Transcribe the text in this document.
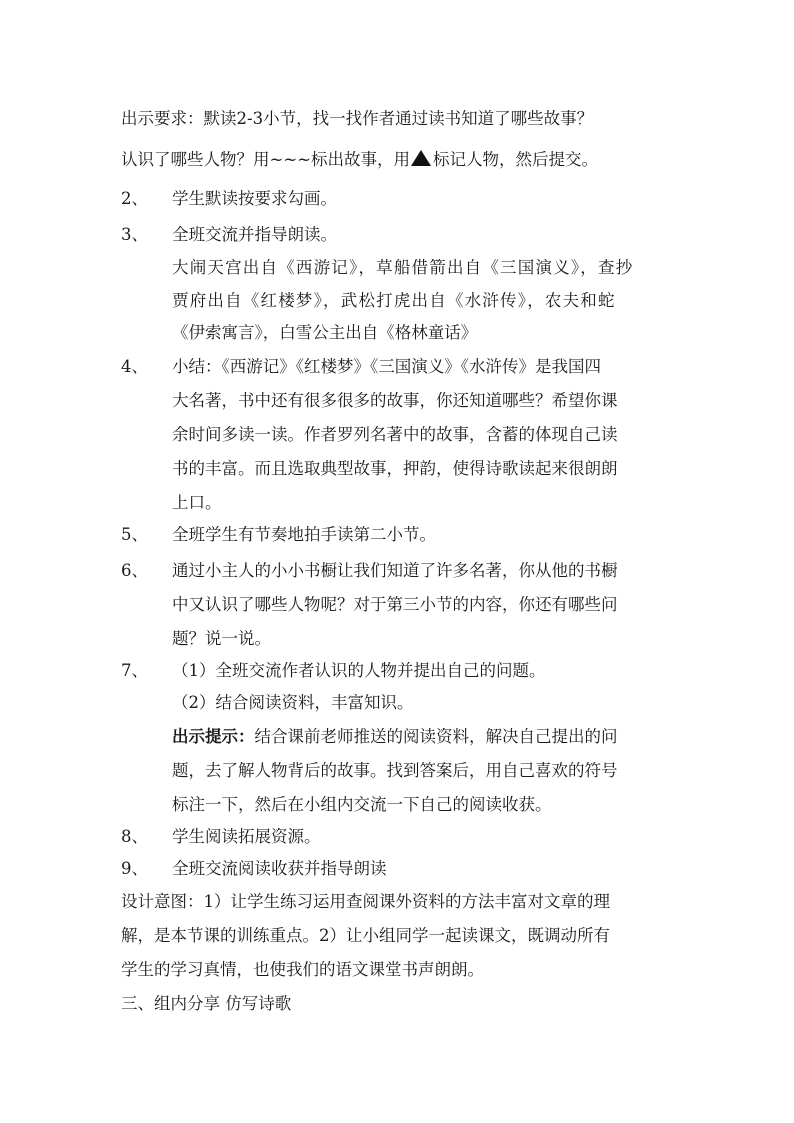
出示要求：默读2-3小节，找一找作者通过读书知道了哪些故事？
认识了哪些人物？用~~~标出故事，用 标记人物，然后提交。
2、 学生默读按要求勾画。
3、 全班交流并指导朗读。
大闹天宫出自《西游记》，草船借箭出自《三国演义》，查抄
贾府出自《红楼梦》，武松打虎出自《水浒传》，农夫和蛇
《伊索寓言》，白雪公主出自《格林童话》
4、 小结：《西游记》《红楼梦》《三国演义》《水浒传》是我国四
大名著，书中还有很多很多的故事，你还知道哪些？希望你课
余时间多读一读。作者罗列名著中的故事，含蓄的体现自己读
书的丰富。而且选取典型故事，押韵，使得诗歌读起来很朗朗
上口。
5、 全班学生有节奏地拍手读第二小节。
6、 通过小主人的小小书橱让我们知道了许多名著，你从他的书橱
中又认识了哪些人物呢？对于第三小节的内容，你还有哪些问
题？说一说。
7、 （1）全班交流作者认识的人物并提出自己的问题。
（2）结合阅读资料，丰富知识。
出示提示：结合课前老师推送的阅读资料，解决自己提出的问
题，去了解人物背后的故事。找到答案后，用自己喜欢的符号
标注一下，然后在小组内交流一下自己的阅读收获。
8、 学生阅读拓展资源。
9、 全班交流阅读收获并指导朗读
设计意图：1）让学生练习运用查阅课外资料的方法丰富对文章的理
解，是本节课的训练重点。2）让小组同学一起读课文，既调动所有
学生的学习真情，也使我们的语文课堂书声朗朗。
三、组内分享 仿写诗歌
